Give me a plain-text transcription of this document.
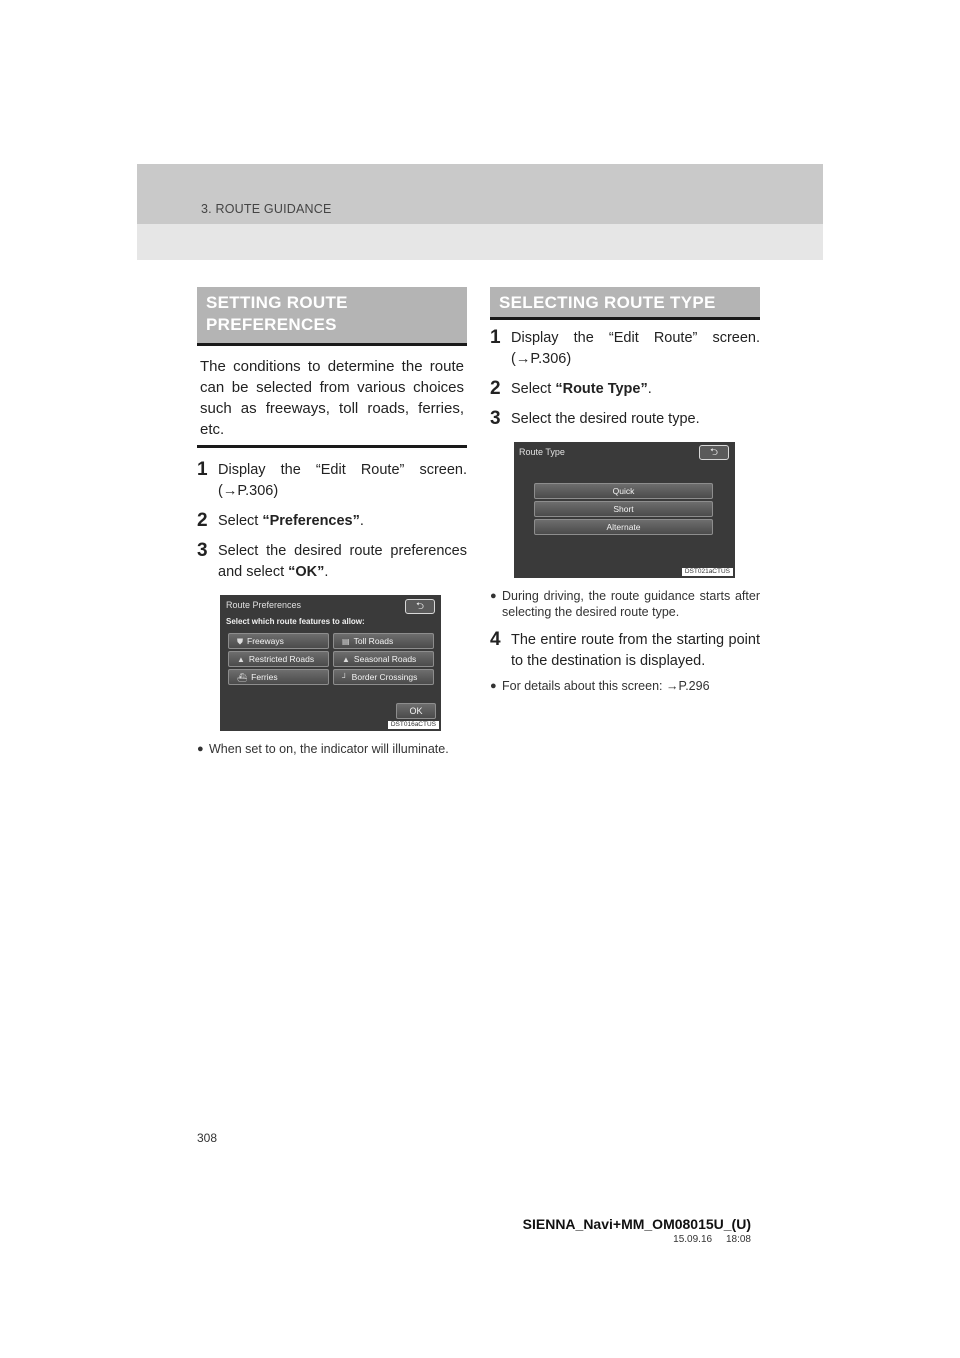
3. ROUTE GUIDANCE
SETTING ROUTE
PREFERENCES
The conditions to determine the route can be selected from various choices such as freeways, toll roads, ferries, etc.
1 Display the “Edit Route” screen. (→P.306)
2 Select “Preferences”.
3 Select the desired route preferences and select “OK”.
Route Preferences	⮌
Select which route features to allow:
⛊ Freeways	▤ Toll Roads
▲ Restricted Roads	▲ Seasonal Roads
⛴ Ferries	┘ Border Crossings
OK
DST016aCTUS
● When set to on, the indicator will illuminate.
SELECTING ROUTE TYPE
1 Display the “Edit Route” screen. (→P.306)
2 Select “Route Type”.
3 Select the desired route type.
Route Type	⮌
Quick
Short
Alternate
DST021aCTUS
● During driving, the route guidance starts after selecting the desired route type.
4 The entire route from the starting point to the destination is displayed.
● For details about this screen: →P.296
308
SIENNA_Navi+MM_OM08015U_(U)
15.09.16     18:08
